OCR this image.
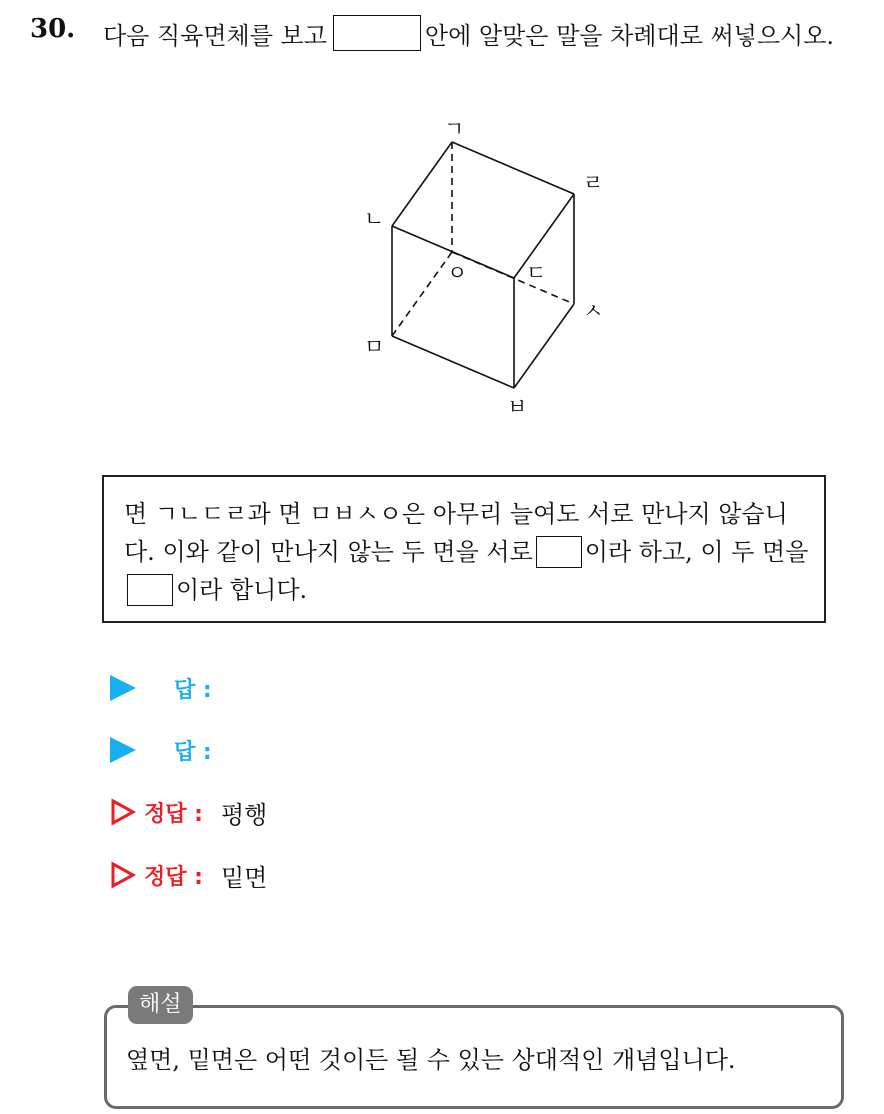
30. 다음 직육면체를 보고	안에 알맞은 말을 차례대로 써넣으시오.
ㄱ
ㄴ
ㄷ
ㄹ
ㅁ
ㅂ
ㅅ
ㅇ
면 ㄱㄴㄷㄹ과 면 ㅁㅂㅅㅇ은 아무리 늘여도 서로 만나지 않습니다. 이와 같이 만나지 않는 두 면을 서로 이라 하고, 이 두 면을이라 합니다.
답 :
답 :
정답 : 평행
정답 : 밑면
해설
옆면, 밑면은 어떤 것이든 될 수 있는 상대적인 개념입니다.
